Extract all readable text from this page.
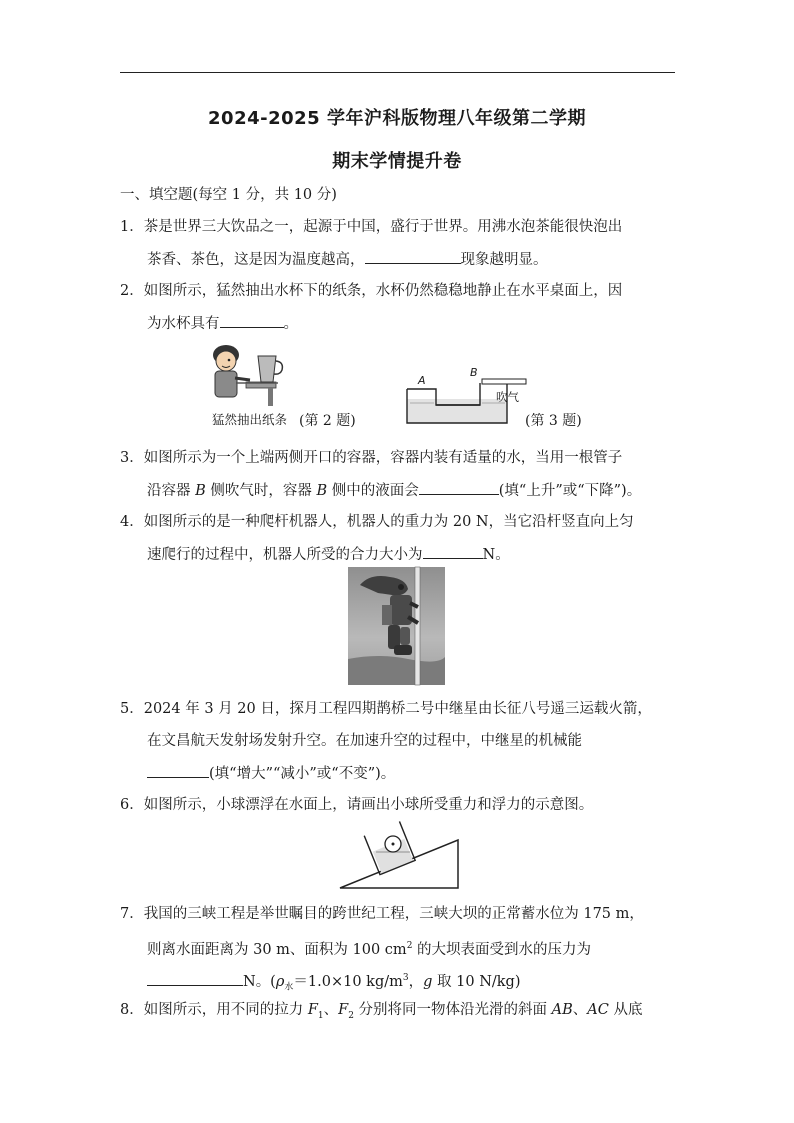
2024-2025 学年沪科版物理八年级第二学期
期末学情提升卷
一、填空题(每空 1 分，共 10 分)
1．茶是世界三大饮品之一，起源于中国，盛行于世界。用沸水泡茶能很快泡出
茶香、茶色，这是因为温度越高，	现象越明显。
2．如图所示，猛然抽出水杯下的纸条，水杯仍然稳稳地静止在水平桌面上，因
为水杯具有	。
猛然抽出纸条 (第 2 题)
A
B
吹气
(第 3 题)
3．如图所示为一个上端两侧开口的容器，容器内装有适量的水，当用一根管子
沿容器 B 侧吹气时，容器 B 侧中的液面会	(填“上升”或“下降”)。
4．如图所示的是一种爬杆机器人，机器人的重力为 20 N，当它沿杆竖直向上匀
速爬行的过程中，机器人所受的合力大小为	N。
5．2024 年 3 月 20 日，探月工程四期鹊桥二号中继星由长征八号遥三运载火箭，
在文昌航天发射场发射升空。在加速升空的过程中，中继星的机械能
(填“增大”“减小”或“不变”)。
6．如图所示，小球漂浮在水面上，请画出小球所受重力和浮力的示意图。
7．我国的三峡工程是举世瞩目的跨世纪工程，三峡大坝的正常蓄水位为 175 m，
则离水面距离为 30 m、面积为 100 $cm^2$ 的大坝表面受到水的压力为
N。($\rho_水=1.0\times 10$ $kg/m^3$，g 取 10 N/kg)
8．如图所示，用不同的拉力 $F_1$、$F_2$ 分别将同一物体沿光滑的斜面 AB、AC 从底
